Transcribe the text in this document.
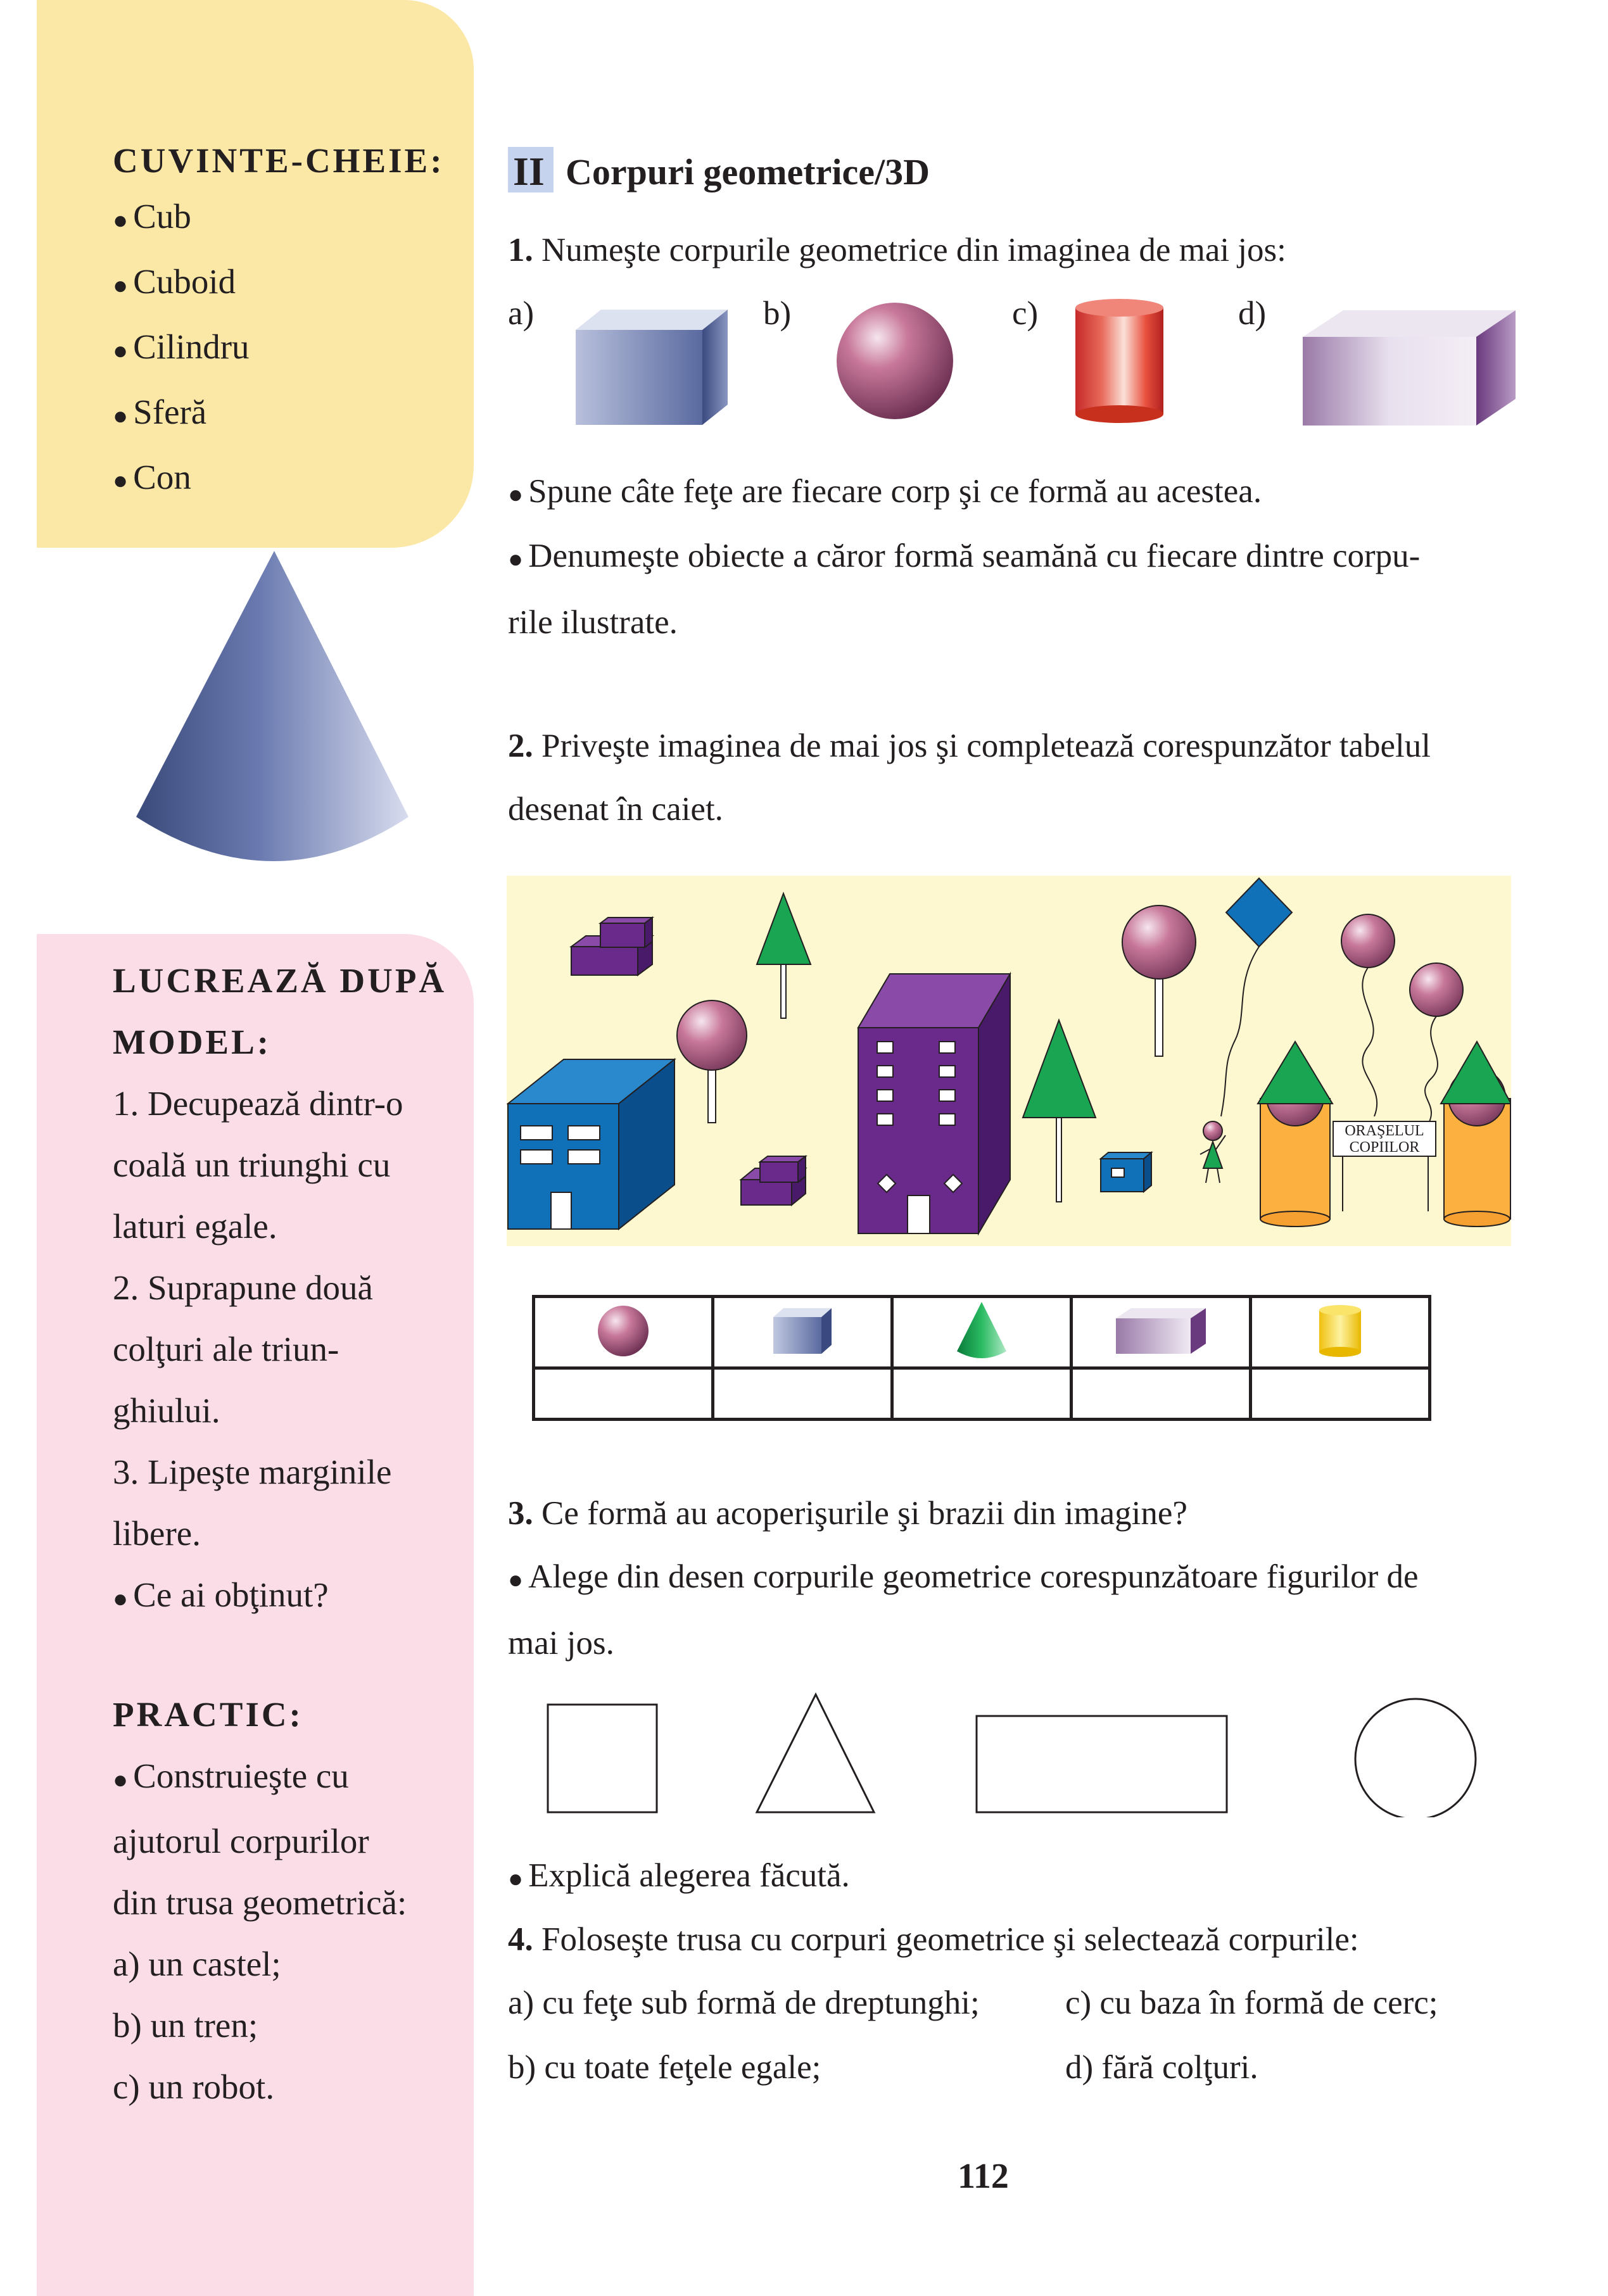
CUVINTE-CHEIE:
● Cub
● Cuboid
● Cilindru
● Sferă
● Con
LUCREAZĂ DUPĂ
MODEL:
1. Decupează dintr-o
coală un triunghi cu
laturi egale.
2. Suprapune două
colţuri ale triun-
ghiului.
3. Lipeşte marginile
libere.
● Ce ai obţinut?
PRACTIC:
● Construieşte cu
ajutorul corpurilor
din trusa geometrică:
a) un castel;
b) un tren;
c) un robot.
II Corpuri geometrice/3D
1. Numeşte corpurile geometrice din imaginea de mai jos:
a)	b)	c)	d)
● Spune câte feţe are fiecare corp şi ce formă au acestea.
● Denumeşte obiecte a căror formă seamănă cu fiecare dintre corpu-
rile ilustrate.
2. Priveşte imaginea de mai jos şi completează corespunzător tabelul
desenat în caiet.
ORAŞELUL
COPIILOR

3. Ce formă au acoperişurile şi brazii din imagine?
● Alege din desen corpurile geometrice corespunzătoare figurilor de
mai jos.
● Explică alegerea făcută.
4. Foloseşte trusa cu corpuri geometrice şi selectează corpurile:
a) cu feţe sub formă de dreptunghi;	c) cu baza în formă de cerc;
b) cu toate feţele egale;	d) fără colţuri.
112
